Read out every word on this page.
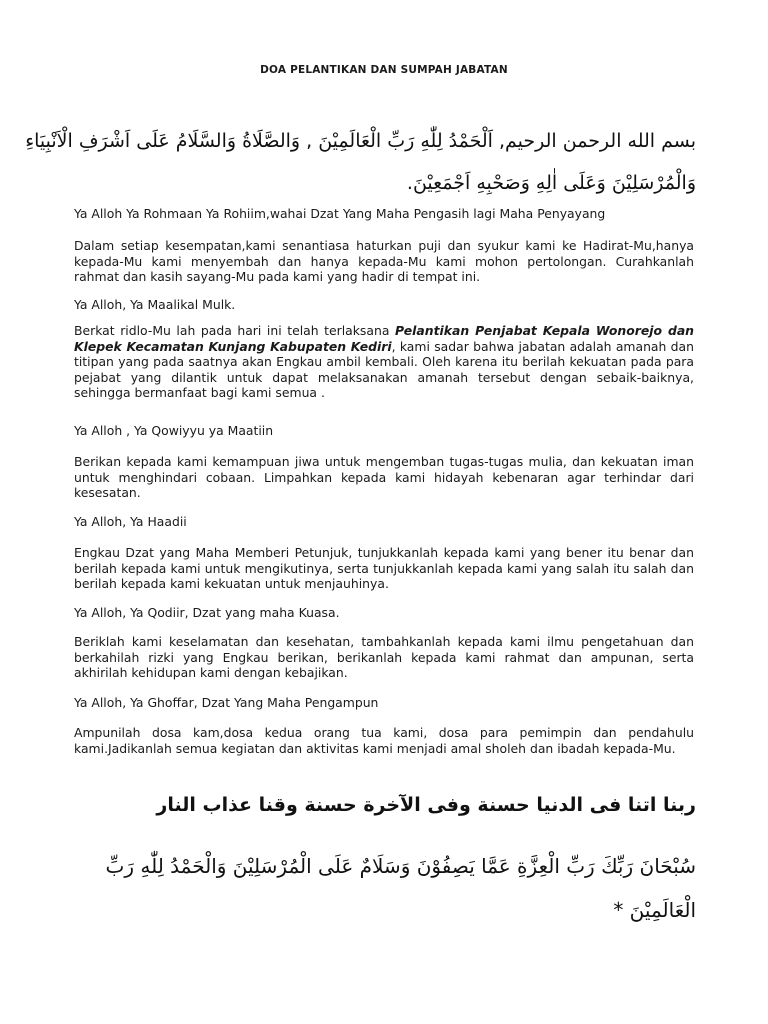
DOA PELANTIKAN DAN SUMPAH JABATAN
بسم الله الرحمن الرحيم, اَلْحَمْدُ لِلّٰهِ رَبِّ الْعَالَمِيْنَ , وَالصَّلَاةُ وَالسَّلَامُ عَلَى اَشْرَفِ الْاَنْبِيَاءِ
وَالْمُرْسَلِيْنَ وَعَلَى اٰلِهِ وَصَحْبِهِ اَجْمَعِيْنَ.

Ya Alloh Ya Rohmaan Ya Rohiim,wahai Dzat Yang Maha Pengasih lagi Maha Penyayang

Dalam setiap kesempatan,kami senantiasa haturkan puji dan syukur kami ke Hadirat-Mu,hanya kepada-Mu kami menyembah dan hanya kepada-Mu kami mohon pertolongan. Curahkanlah rahmat dan kasih sayang-Mu pada kami yang hadir di tempat ini.

Ya Alloh, Ya Maalikal Mulk.

Berkat ridlo-Mu lah pada hari ini telah terlaksana Pelantikan Penjabat Kepala Wonorejo dan Klepek Kecamatan Kunjang Kabupaten Kediri, kami sadar bahwa jabatan adalah amanah dan titipan yang pada saatnya akan Engkau ambil kembali. Oleh karena itu berilah kekuatan pada para pejabat yang dilantik untuk dapat melaksanakan amanah tersebut dengan sebaik-baiknya, sehingga bermanfaat bagi kami semua .

Ya Alloh , Ya Qowiyyu ya Maatiin

Berikan kepada kami kemampuan jiwa untuk mengemban tugas-tugas mulia, dan kekuatan iman untuk menghindari cobaan. Limpahkan kepada kami hidayah kebenaran agar terhindar dari kesesatan.

Ya Alloh, Ya Haadii

Engkau Dzat yang Maha Memberi Petunjuk, tunjukkanlah kepada kami yang bener itu benar dan berilah kepada kami untuk mengikutinya, serta tunjukkanlah kepada kami yang salah itu salah dan berilah kepada kami kekuatan untuk menjauhinya.

Ya Alloh, Ya Qodiir, Dzat yang maha Kuasa.

Beriklah kami keselamatan dan kesehatan, tambahkanlah kepada kami ilmu pengetahuan dan berkahilah rizki yang Engkau berikan, berikanlah kepada kami rahmat dan ampunan, serta akhirilah kehidupan kami dengan kebajikan.

Ya Alloh, Ya Ghoffar, Dzat Yang Maha Pengampun

Ampunilah dosa kam,dosa kedua orang tua kami, dosa para pemimpin dan pendahulu kami.Jadikanlah semua kegiatan dan aktivitas kami menjadi amal sholeh dan ibadah kepada-Mu.

ربنا اتنا فى الدنيا حسنة وفى الآخرة حسنة وقنا عذاب النار
سُبْحَانَ رَبِّكَ رَبِّ الْعِزَّةِ عَمَّا يَصِفُوْنَ وَسَلَامٌ عَلَى الْمُرْسَلِيْنَ وَالْحَمْدُ لِلّٰهِ رَبِّ
الْعَالَمِيْنَ *
